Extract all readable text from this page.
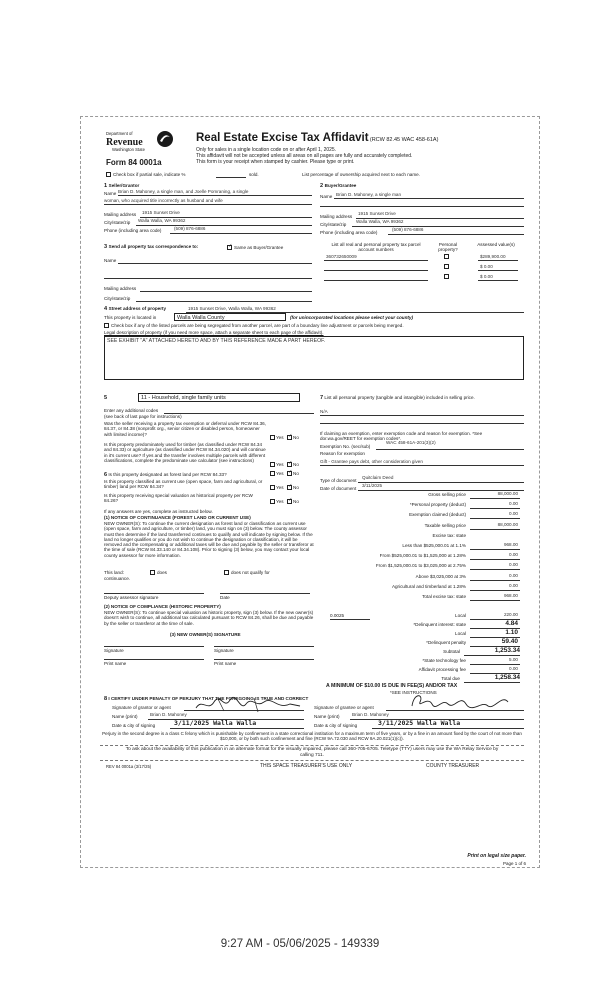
Department of
Revenue
Washington State
Form 84 0001a
Real Estate Excise Tax Affidavit (RCW 82.45 WAC 458-61A)
Only for sales in a single location code on or after April 1, 2025.
This affidavit will not be accepted unless all areas on all pages are fully and accurately completed.
This form is your receipt when stamped by cashier. Please type or print.
Check box if partial sale, indicate %	sold.	List percentage of ownership acquired next to each name.
1 Seller/Grantor
Name Brian D. Mahoney, a single man, and Joelle Pomraning, a single
woman, who acquired title incorrectly as husband and wife
Mailing address 1915 Sunset Drive
City/state/zip Walla Walla, WA 99362
Phone (including area code)	(509) 876-6886
2 Buyer/Grantee
Name Brian D. Mahoney, a single man
Mailing address
1915 Sunset Drive
City/state/zip
Walla Walla, WA 99362
Phone (including area code)
(509) 876-6886
3 Send all property tax correspondence to: ✓	Same as Buyer/Grantee
Name
Mailing address
City/state/zip
List all real and personal property tax parcel account numbers
Personal property?
Assessed value(s)
360732650009	$289,900.00
$ 0.00
$ 0.00
4 Street address of property	1915 Sunset Drive, Walla Walla, WA 99362
This property is located in	Walla Walla County	(for unincorporated locations please select your county)
Check box if any of the listed parcels are being segregated from another parcel, are part of a boundary line adjustment or parcels being merged.
Legal description of property (if you need more space, attach a separate sheet to each page of the affidavit).
SEE EXHIBIT "A" ATTACHED HERETO AND BY THIS REFERENCE MADE A PART HEREOF.
5	11 - Household, single family units
Enter any additional codes
(see back of last page for instructions)
Was the seller receiving a property tax exemption or deferral under RCW 84.36, 84.37, or 84.38 (nonprofit org., senior citizen or disabled person, homeowner with limited income)?
Yes ✓ No
Is this property predominately used for timber (as classified under RCW 84.34 and 84.33) or agriculture (as classified under RCW 84.34.020) and will continue in it's current use? If yes and the transfer involves multiple parcels with different classifications, complete the predominate use calculator (see instructions)
Yes ✓ No
6 Is this property designated as forest land per RCW 84.33?	Yes ✓ No
Is this property classified as current use (open space, farm and agricultural, or timber) land per RCW 84.34?	Yes ✓ No
Is this property receiving special valuation as historical property per RCW 84.26?	Yes ✓ No
If any answers are yes, complete as instructed below.
(1) NOTICE OF CONTINUANCE (FOREST LAND OR CURRENT USE)
NEW OWNER(S): To continue the current designation as forest land or classification as current use (open space, farm and agriculture, or timber) land, you must sign on (3) below. The county assessor must then determine if the land transferred continues to qualify and will indicate by signing below. If the land no longer qualifies or you do not wish to continue the designation or classification, it will be removed and the compensating or additional taxes will be due and payable by the seller or transferor at the time of sale (RCW 84.33.140 or 84.34.108). Prior to signing (3) below, you may contact your local county assessor for more information.
This land:	does	does not qualify for
continuance.
Deputy assessor signature	Date
(2) NOTICE OF COMPLIANCE (HISTORIC PROPERTY)
NEW OWNER(S): To continue special valuation as historic property, sign (3) below. If the new owner(s) doesn't wish to continue, all additional tax calculated pursuant to RCW 84.26, shall be due and payable by the seller or transferor at the time of sale.
(3) NEW OWNER(S) SIGNATURE
Signature	Signature
Print name	Print name
7 List all personal property (tangible and intangible) included in selling price.
N/A
If claiming an exemption, enter exemption code and reason for exemption. *See dor.wa.gov/REET for exemption codes*.
Exemption No. (sec/sub)
WAC 458-61A-201(3)(2)
Reason for exemption
Gift - Grantee pays debt, other consideration given
Type of document
Quitclaim Deed
Date of document
3/11/2025
Gross selling price	88,000.00
*Personal property (deduct)	0.00
Exemption claimed (deduct)	0.00
Taxable selling price	88,000.00
Excise tax: state
Less than $525,000.01 at 1.1%	968.00
From $525,000.01 to $1,525,000 at 1.28%	0.00
From $1,525,000.01 to $3,025,000 at 2.75%	0.00
Above $3,025,000 at 3%	0.00
Agricultural and timberland at 1.28%	0.00
Total excise tax: state	968.00
0.0025	Local	220.00
*Delinquent interest: state	4.84
Local	1.10
*Delinquent penalty	59.40
Subtotal	1,253.34
*State technology fee	5.00
Affidavit processing fee	0.00
Total due	1,258.34
A MINIMUM OF $10.00 IS DUE IN FEE(S) AND/OR TAX
*SEE INSTRUCTIONS
8 I CERTIFY UNDER PENALTY OF PERJURY THAT THE FOREGOING IS TRUE AND CORRECT
Signature of grantor or agent
Name (print)	Brian D. Mahoney
Date & city of signing	3/11/2025 Walla Walla
Signature of grantee or agent
Name (print)	Brian D. Mahoney
Date & city of signing	3/11/2025 Walla Walla
Perjury in the second degree is a class C felony which is punishable by confinement in a state correctional institution for a maximum term of five years, or by a fine in an amount fixed by the court of not more than $10,000, or by both such confinement and fine (RCW 9A.72.030 and RCW 9A.20.021(1)(c)).
To ask about the availability of this publication in an alternate format for the visually impaired, please call 360-705-6705. Teletype (TTY) users may use the WA Relay Service by calling 711.
REV 84 0001a (3/17/25)	THIS SPACE TREASURER'S USE ONLY	COUNTY TREASURER
Print on legal size paper.
Page 1 of 6
9:27 AM - 05/06/2025 - 149339
